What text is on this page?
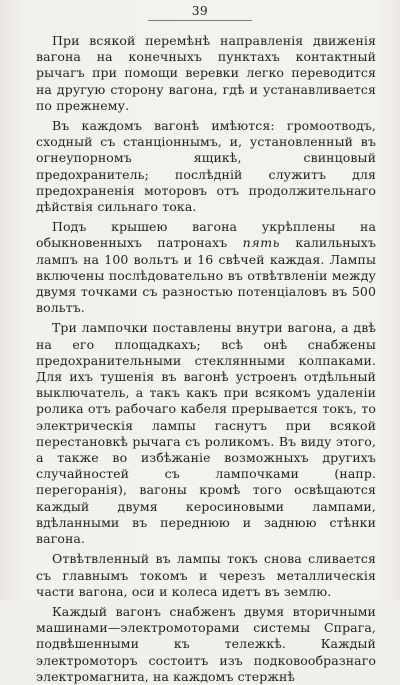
39

При всякой перемѣнѣ направленія движенія вагона на конечныхъ пунктахъ контактный рычагъ при помощи веревки легко переводится на другую сторону вагона, гдѣ и устанавливается по прежнему.

Въ каждомъ вагонѣ имѣются: громоотводъ, сходный съ станціоннымъ, и, установленный въ огнеупорномъ ящикѣ, свинцовый предохранитель; послѣдній служитъ для предохраненія моторовъ отъ продолжительнаго дѣйствія сильнаго тока.

Подъ крышею вагона укрѣплены на обыкновенныхъ патронахъ пять калильныхъ лампъ на 100 вольтъ и 16 свѣчей каждая. Лампы включены послѣдовательно въ отвѣтвленіи между двумя точками съ разностью потенціаловъ въ 500 вольтъ.

Три лампочки поставлены внутри вагона, а двѣ на его площадкахъ; всѣ онѣ снабжены предохранительными стеклянными колпаками. Для ихъ тушенія въ вагонѣ устроенъ отдѣльный выключатель, а такъ какъ при всякомъ удаленіи ролика отъ рабочаго кабеля прерывается токъ, то электрическія лампы гаснутъ при всякой перестановкѣ рычага съ роликомъ. Въ виду этого, а также во избѣжаніе возможныхъ другихъ случайностей съ лампочками (напр. перегоранія), вагоны кромѣ того освѣщаются каждый двумя керосиновыми лампами, вдѣланными въ переднюю и заднюю стѣнки вагона.

Отвѣтвленный въ лампы токъ снова сливается съ главнымъ токомъ и черезъ металлическія части вагона, оси и колеса идетъ въ землю.

Каждый вагонъ снабженъ двумя вторичными машинами—электромоторами системы Спрага, подвѣшенными къ тележкѣ. Каждый электромоторъ состоитъ изъ подковообразнаго электромагнита, на каждомъ стержнѣ
